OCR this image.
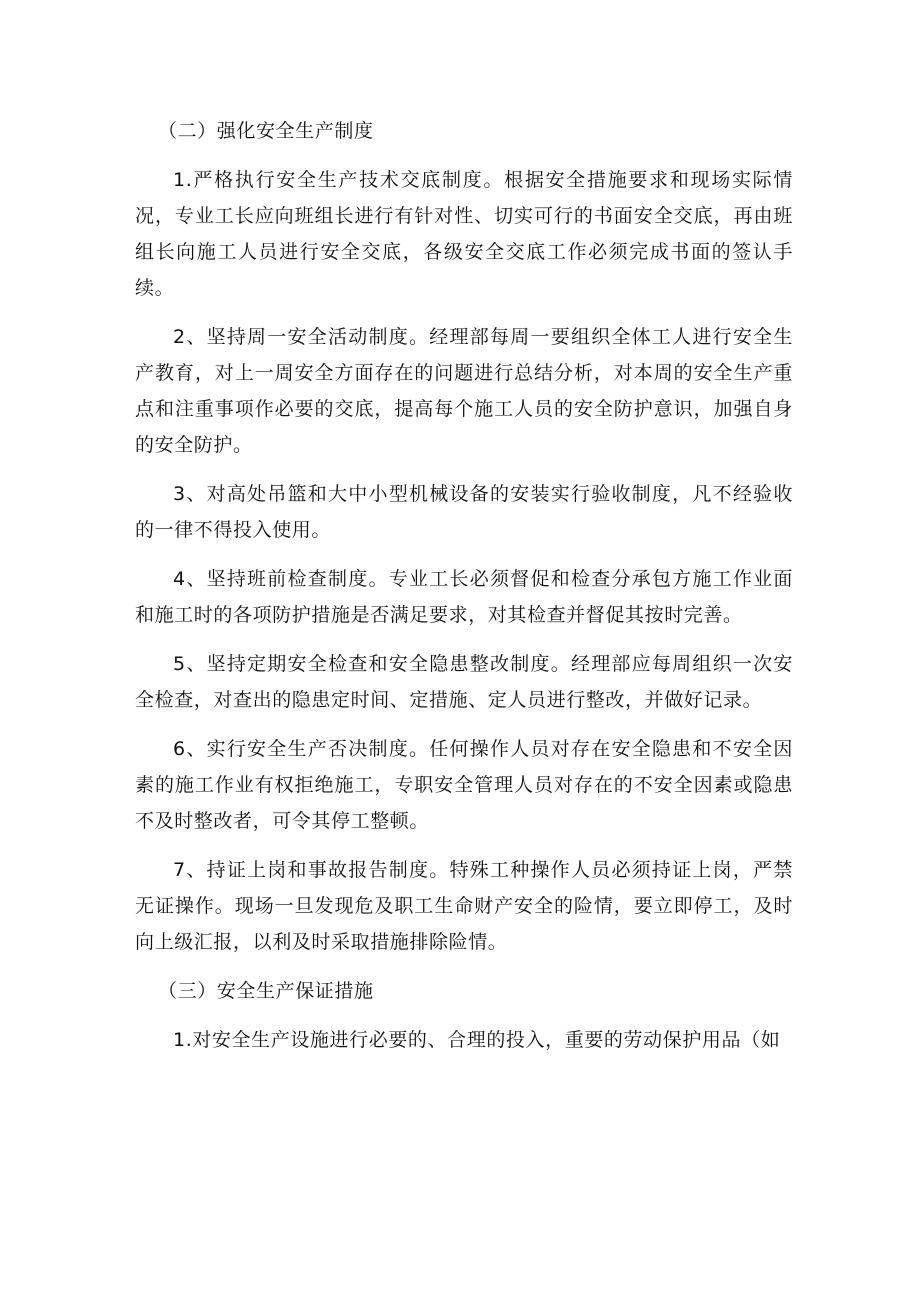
（二）强化安全生产制度

1.严格执行安全生产技术交底制度。根据安全措施要求和现场实际情况，专业工长应向班组长进行有针对性、切实可行的书面安全交底，再由班组长向施工人员进行安全交底，各级安全交底工作必须完成书面的签认手续。

2、坚持周一安全活动制度。经理部每周一要组织全体工人进行安全生产教育，对上一周安全方面存在的问题进行总结分析，对本周的安全生产重点和注重事项作必要的交底，提高每个施工人员的安全防护意识，加强自身的安全防护。

3、对高处吊篮和大中小型机械设备的安装实行验收制度，凡不经验收的一律不得投入使用。

4、坚持班前检查制度。专业工长必须督促和检查分承包方施工作业面和施工时的各项防护措施是否满足要求，对其检查并督促其按时完善。

5、坚持定期安全检查和安全隐患整改制度。经理部应每周组织一次安全检查，对查出的隐患定时间、定措施、定人员进行整改，并做好记录。

6、实行安全生产否决制度。任何操作人员对存在安全隐患和不安全因素的施工作业有权拒绝施工，专职安全管理人员对存在的不安全因素或隐患不及时整改者，可令其停工整顿。

7、持证上岗和事故报告制度。特殊工种操作人员必须持证上岗，严禁无证操作。现场一旦发现危及职工生命财产安全的险情，要立即停工，及时向上级汇报，以利及时采取措施排除险情。

（三）安全生产保证措施

1.对安全生产设施进行必要的、合理的投入，重要的劳动保护用品（如
